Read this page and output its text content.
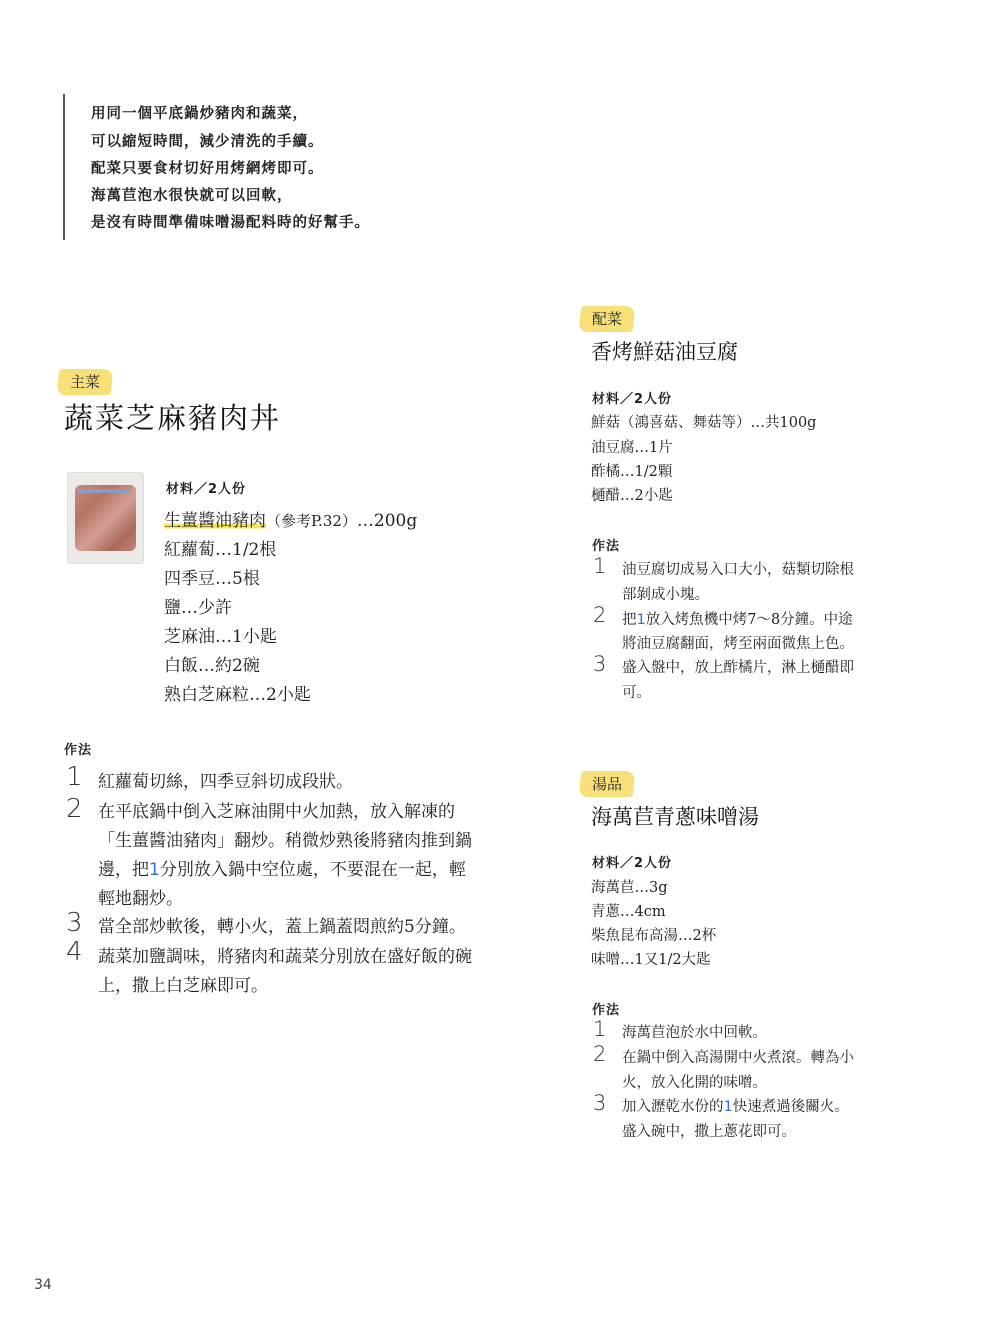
用同一個平底鍋炒豬肉和蔬菜，
可以縮短時間，減少清洗的手續。
配菜只要食材切好用烤網烤即可。
海萬苣泡水很快就可以回軟，
是沒有時間準備味噌湯配料時的好幫手。
主菜
蔬菜芝麻豬肉丼
材料／2人份
生薑醬油豬肉（參考P.32）…200g
紅蘿蔔…1/2根
四季豆…5根
鹽…少許
芝麻油…1小匙
白飯…約2碗
熟白芝麻粒…2小匙
作法
1 紅蘿蔔切絲，四季豆斜切成段狀。
2 在平底鍋中倒入芝麻油開中火加熱，放入解凍的
「生薑醬油豬肉」翻炒。稍微炒熟後將豬肉推到鍋
邊，把1分別放入鍋中空位處，不要混在一起，輕
輕地翻炒。
3 當全部炒軟後，轉小火，蓋上鍋蓋悶煎約5分鐘。
4 蔬菜加鹽調味，將豬肉和蔬菜分別放在盛好飯的碗
上，撒上白芝麻即可。
配菜
香烤鮮菇油豆腐
材料／2人份
鮮菇（鴻喜菇、舞菇等）…共100g
油豆腐…1片
酢橘…1/2顆
樋醋…2小匙
作法
1 油豆腐切成易入口大小，菇類切除根
部剝成小塊。
2 把1放入烤魚機中烤7～8分鐘。中途
將油豆腐翻面，烤至兩面微焦上色。
3 盛入盤中，放上酢橘片，淋上樋醋即
可。
湯品
海萬苣青蔥味噌湯
材料／2人份
海萬苣…3g
青蔥…4cm
柴魚昆布高湯…2杯
味噌…1又1/2大匙
作法
1 海萬苣泡於水中回軟。
2 在鍋中倒入高湯開中火煮滾。轉為小
火，放入化開的味噌。
3 加入瀝乾水份的1快速煮過後關火。
盛入碗中，撒上蔥花即可。
34
